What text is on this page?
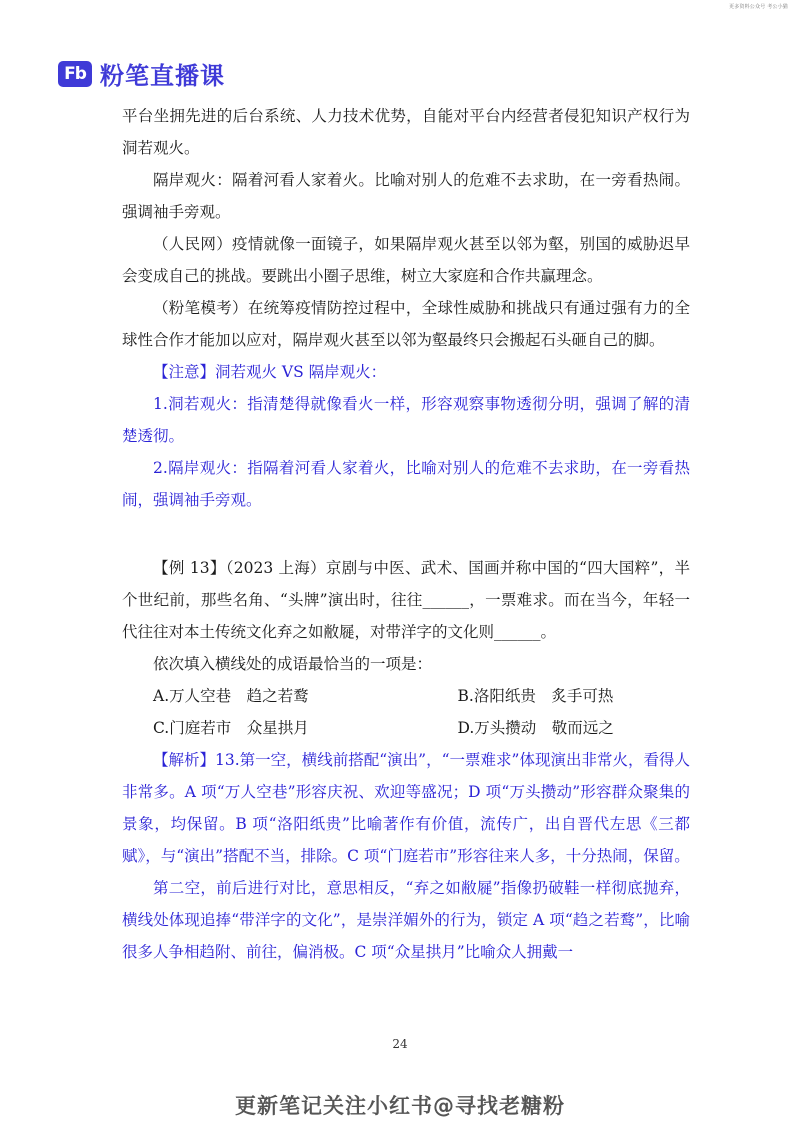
更多资料公众号 考公小猫
Fb 粉笔直播课

平台坐拥先进的后台系统、人力技术优势，自能对平台内经营者侵犯知识产权行为洞若观火。

隔岸观火：隔着河看人家着火。比喻对别人的危难不去求助，在一旁看热闹。强调袖手旁观。

（人民网）疫情就像一面镜子，如果隔岸观火甚至以邻为壑，别国的威胁迟早会变成自己的挑战。要跳出小圈子思维，树立大家庭和合作共赢理念。

（粉笔模考）在统筹疫情防控过程中，全球性威胁和挑战只有通过强有力的全球性合作才能加以应对，隔岸观火甚至以邻为壑最终只会搬起石头砸自己的脚。

【注意】洞若观火 VS 隔岸观火：

1.洞若观火：指清楚得就像看火一样，形容观察事物透彻分明，强调了解的清楚透彻。

2.隔岸观火：指隔着河看人家着火，比喻对别人的危难不去求助，在一旁看热闹，强调袖手旁观。

【例 13】（2023 上海）京剧与中医、武术、国画并称中国的“四大国粹”，半个世纪前，那些名角、“头牌”演出时，往往______，一票难求。而在当今，年轻一代往往对本土传统文化弃之如敝屣，对带洋字的文化则______。

依次填入横线处的成语最恰当的一项是：

A.万人空巷　趋之若鹜	B.洛阳纸贵　炙手可热
C.门庭若市　众星拱月	D.万头攒动　敬而远之

【解析】13.第一空，横线前搭配“演出”，“一票难求”体现演出非常火，看得人非常多。A 项“万人空巷”形容庆祝、欢迎等盛况；D 项“万头攒动”形容群众聚集的景象，均保留。B 项“洛阳纸贵”比喻著作有价值，流传广，出自晋代左思《三都赋》，与“演出”搭配不当，排除。C 项“门庭若市”形容往来人多，十分热闹，保留。

第二空，前后进行对比，意思相反，“弃之如敝屣”指像扔破鞋一样彻底抛弃，横线处体现追捧“带洋字的文化”，是崇洋媚外的行为，锁定 A 项“趋之若鹜”，比喻很多人争相趋附、前往，偏消极。C 项“众星拱月”比喻众人拥戴一

24
更新笔记关注小红书@寻找老糖粉
